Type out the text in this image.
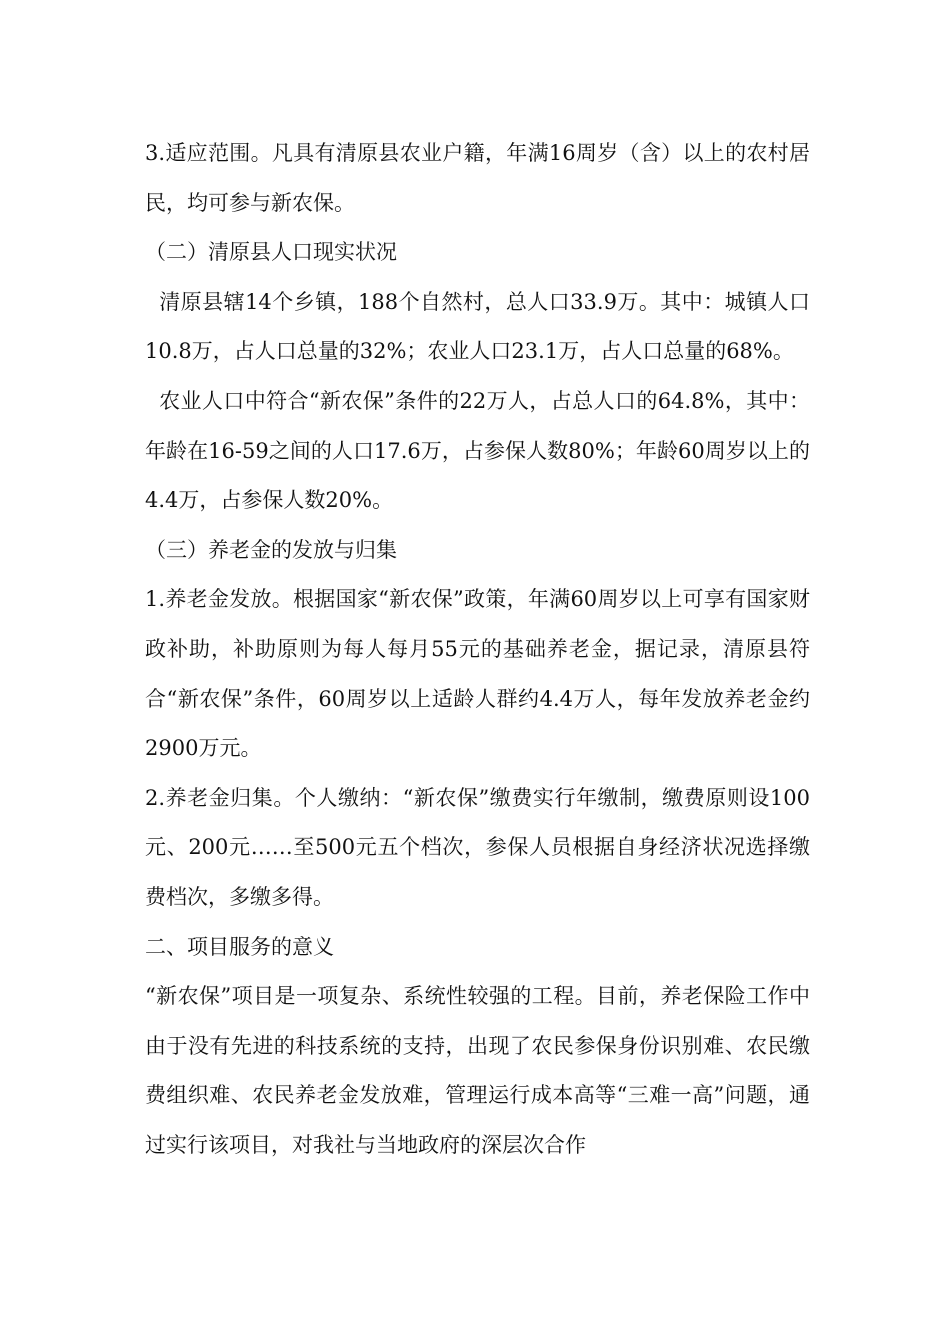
3.适应范围。凡具有清原县农业户籍，年满16周岁（含）以上的农村居民，均可参与新农保。

（二）清原县人口现实状况

清原县辖14个乡镇，188个自然村，总人口33.9万。其中：城镇人口10.8万，占人口总量的32%；农业人口23.1万，占人口总量的68%。

农业人口中符合“新农保”条件的22万人，占总人口的64.8%，其中：年龄在16-59之间的人口17.6万，占参保人数80%；年龄60周岁以上的4.4万，占参保人数20%。

（三）养老金的发放与归集

1.养老金发放。根据国家“新农保”政策，年满60周岁以上可享有国家财政补助，补助原则为每人每月55元的基础养老金，据记录，清原县符合“新农保”条件，60周岁以上适龄人群约4.4万人，每年发放养老金约2900万元。

2.养老金归集。个人缴纳：“新农保”缴费实行年缴制，缴费原则设100元、200元……至500元五个档次，参保人员根据自身经济状况选择缴费档次，多缴多得。

二、项目服务的意义

“新农保”项目是一项复杂、系统性较强的工程。目前，养老保险工作中由于没有先进的科技系统的支持，出现了农民参保身份识别难、农民缴费组织难、农民养老金发放难，管理运行成本高等“三难一高”问题，通过实行该项目，对我社与当地政府的深层次合作
